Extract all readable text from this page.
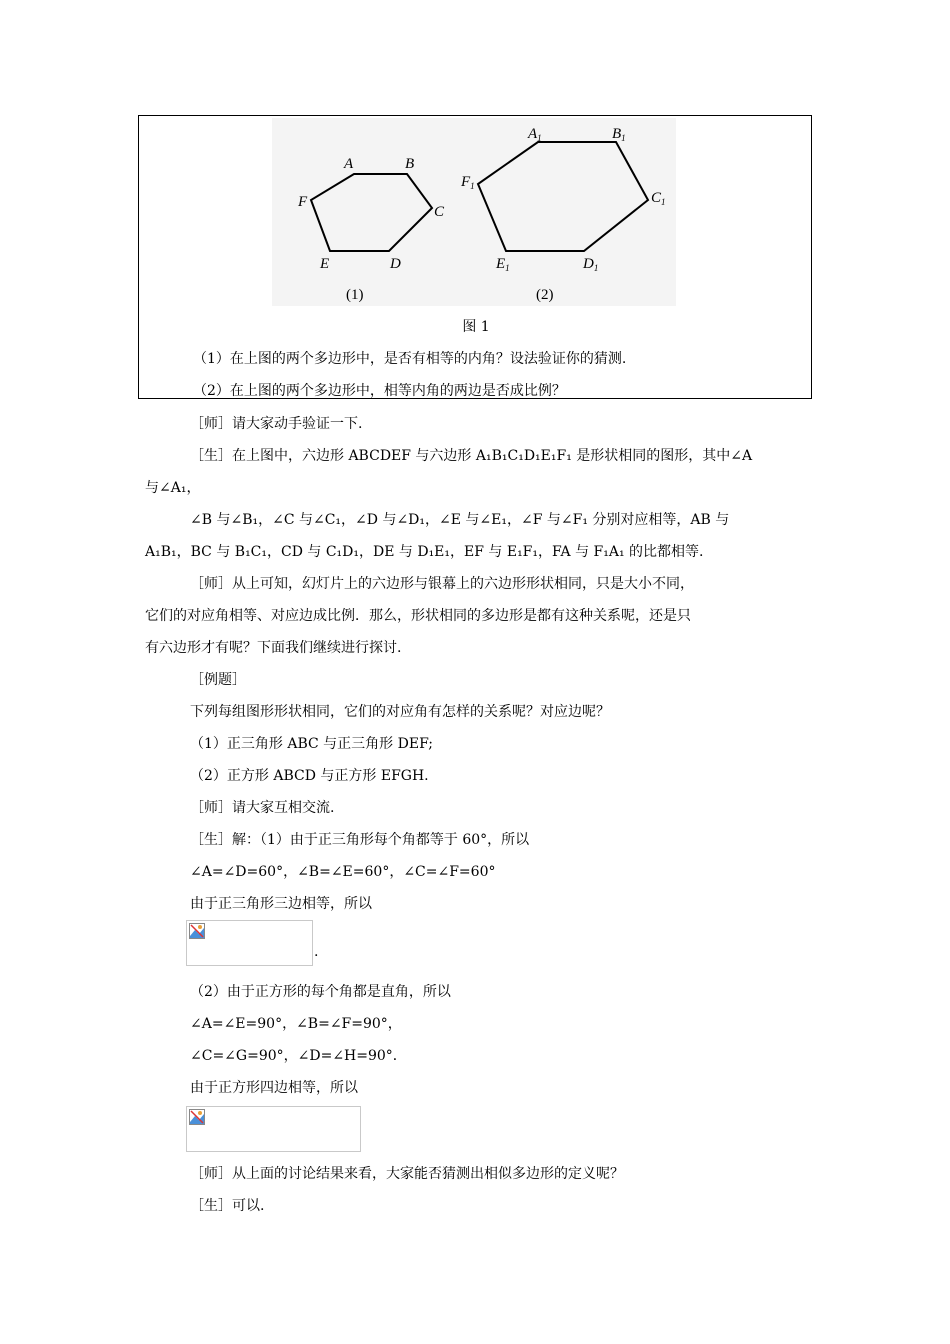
图 1
（1）在上图的两个多边形中，是否有相等的内角？设法验证你的猜测.
（2）在上图的两个多边形中，相等内角的两边是否成比例？
A	B
C
D
E
F
$A_1$	$B_1$
$C_1$
$D_1$
$E_1$
$F_1$
(1)	(2)
［师］请大家动手验证一下.
［生］在上图中，六边形 ABCDEF 与六边形 A₁B₁C₁D₁E₁F₁ 是形状相同的图形，其中∠A
与∠A₁，
∠B 与∠B₁，∠C 与∠C₁，∠D 与∠D₁，∠E 与∠E₁，∠F 与∠F₁ 分别对应相等，AB 与
A₁B₁，BC 与 B₁C₁，CD 与 C₁D₁，DE 与 D₁E₁，EF 与 E₁F₁，FA 与 F₁A₁ 的比都相等.
［师］从上可知，幻灯片上的六边形与银幕上的六边形形状相同，只是大小不同，
它们的对应角相等、对应边成比例．那么，形状相同的多边形是都有这种关系呢，还是只
有六边形才有呢？下面我们继续进行探讨.
［例题］
下列每组图形形状相同，它们的对应角有怎样的关系呢？对应边呢？
（1）正三角形 ABC 与正三角形 DEF;
（2）正方形 ABCD 与正方形 EFGH.
［师］请大家互相交流.
［生］解：（1）由于正三角形每个角都等于 60°，所以
∠A=∠D=60°，∠B=∠E=60°，∠C=∠F=60°
由于正三角形三边相等，所以
.
（2）由于正方形的每个角都是直角，所以
∠A=∠E=90°，∠B=∠F=90°，
∠C=∠G=90°，∠D=∠H=90°．
由于正方形四边相等，所以
［师］从上面的讨论结果来看，大家能否猜测出相似多边形的定义呢？
［生］可以.
